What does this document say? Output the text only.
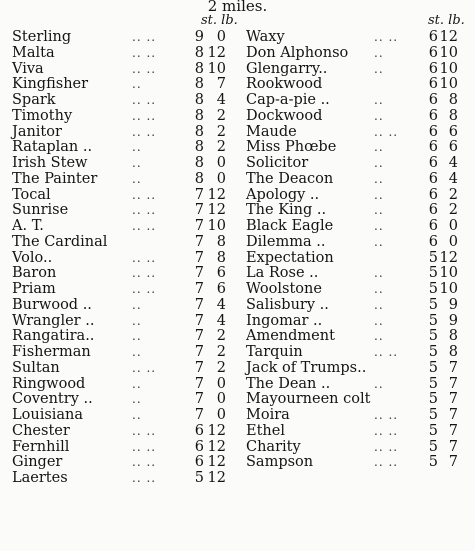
2 miles.
st. lb.	st. lb.
Sterling	.. ..	9 0
Malta	.. ..	8 12
Viva	.. ..	8 10
Kingfisher	..	8 7
Spark	.. ..	8 4
Timothy	.. ..	8 2
Janitor	.. ..	8 2
Rataplan ..	..	8 2
Irish Stew	..	8 0
The Painter	..	8 0
Tocal	.. ..	7 12
Sunrise	.. ..	7 12
A. T.	.. ..	7 10
The Cardinal	7 8
Volo..	.. ..	7 8
Baron	.. ..	7 6
Priam	.. ..	7 6
Burwood ..	..	7 4
Wrangler ..	..	7 4
Rangatira..	..	7 2
Fisherman	..	7 2
Sultan	.. ..	7 2
Ringwood	..	7 0
Coventry ..	..	7 0
Louisiana	..	7 0
Chester	.. ..	6 12
Fernhill	.. ..	6 12
Ginger	.. ..	6 12
Laertes	.. ..	5 12
Waxy	.. .. 6 12
Don Alphonso ..	6 10
Glengarry..	..	6 10
Rookwood	6 10
Cap-a-pie ..	..	6 8
Dockwood	..	6 8
Maude	.. .. 6 6
Miss Phœbe	..	6 6
Solicitor	..	6 4
The Deacon	..	6 4
Apology ..	..	6 2
The King ..	..	6 2
Black Eagle	..	6 0
Dilemma ..	..	6 0
Expectation	5 12
La Rose ..	..	5 10
Woolstone	..	5 10
Salisbury ..	..	5 9
Ingomar ..	..	5 9
Amendment	..	5 8
Tarquin	.. .. 5 8
Jack of Trumps..	5 7
The Dean ..	..	5 7
Mayourneen colt	5 7
Moira	.. .. 5 7
Ethel	.. .. 5 7
Charity	.. .. 5 7
Sampson	.. .. 5 7
